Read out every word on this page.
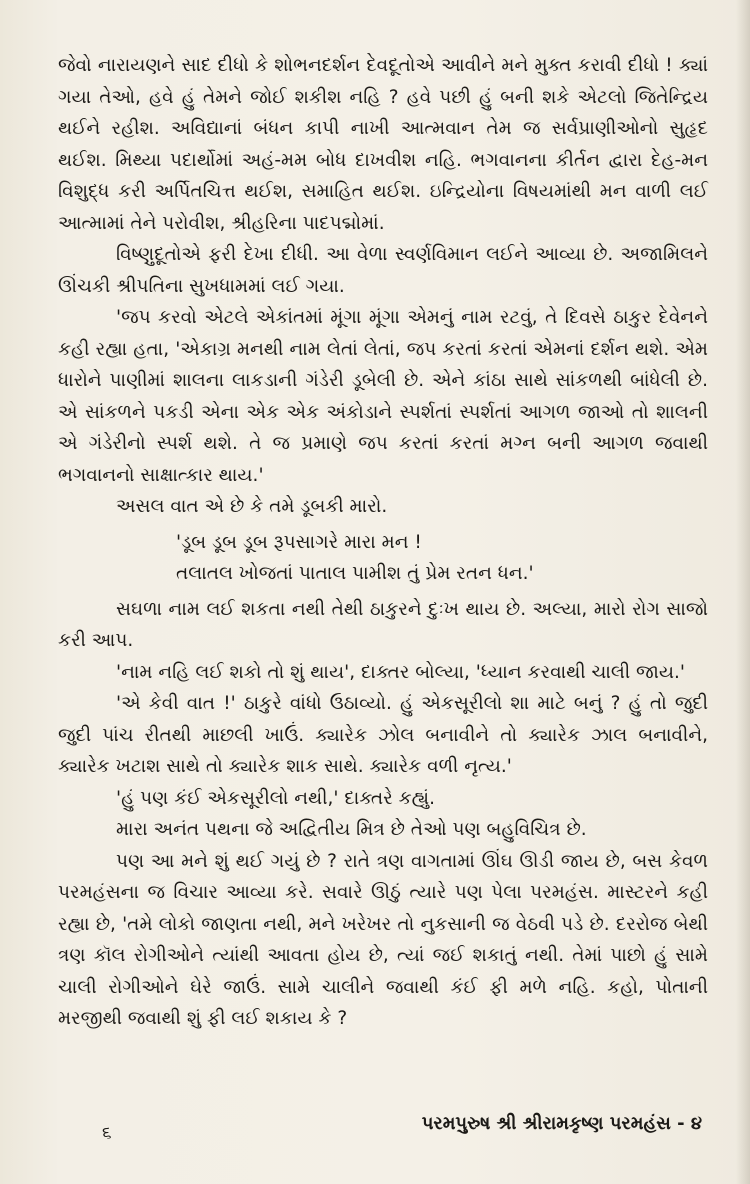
જેવો નારાયણને સાદ દીધો કે શોભનદર્શન દેવદૂતોએ આવીને મને મુક્ત કરાવી દીધો ! ક્યાં ગયા તેઓ, હવે હું તેમને જોઈ શકીશ નહિ ? હવે પછી હું બની શકે એટલો જિતેન્દ્રિય થઈને રહીશ. અવિદ્યાનાં બંધન કાપી નાખી આત્મવાન તેમ જ સર્વપ્રાણીઓનો સુહૃદ થઈશ. મિથ્યા પદાર્થોમાં અહં-મમ બોધ દાખવીશ નહિ. ભગવાનના કીર્તન દ્વારા દેહ-મન વિશુદ્ધ કરી અર્પિતચિત્ત થઈશ, સમાહિત થઈશ. ઇન્દ્રિયોના વિષયમાંથી મન વાળી લઈ આત્મામાં તેને પરોવીશ, શ્રીહરિના પાદપદ્મોમાં.

વિષ્ણુદૂતોએ ફરી દેખા દીધી. આ વેળા સ્વર્ણવિમાન લઈને આવ્યા છે. અજામિલને ઊંચકી શ્રીપતિના સુખધામમાં લઈ ગયા.

'જપ કરવો એટલે એકાંતમાં મૂંગા મૂંગા એમનું નામ રટવું, તે દિવસે ઠાકુર દેવેનને કહી રહ્યા હતા, 'એકાગ્ર મનથી નામ લેતાં લેતાં, જપ કરતાં કરતાં એમનાં દર્શન થશે. એમ ધારોને પાણીમાં શાલના લાકડાની ગંડેરી ડૂબેલી છે. એને કાંઠા સાથે સાંકળથી બાંધેલી છે. એ સાંકળને પકડી એના એક એક અંકોડાને સ્પર્શતાં સ્પર્શતાં આગળ જાઓ તો શાલની એ ગંડેરીનો સ્પર્શ થશે. તે જ પ્રમાણે જપ કરતાં કરતાં મગ્ન બની આગળ જવાથી ભગવાનનો સાક્ષાત્કાર થાય.'

અસલ વાત એ છે કે તમે ડૂબકી મારો.

'ડૂબ ડૂબ ડૂબ રૂપસાગરે મારા મન !
તલાતલ ખોજતાં પાતાલ પામીશ તું પ્રેમ રતન ધન.'

સઘળા નામ લઈ શકતા નથી તેથી ઠાકુરને દુઃખ થાય છે. અલ્યા, મારો રોગ સાજો કરી આપ.

'નામ નહિ લઈ શકો તો શું થાય', દાક્તર બોલ્યા, 'ધ્યાન કરવાથી ચાલી જાય.'

'એ કેવી વાત !' ઠાકુરે વાંધો ઉઠાવ્યો. હું એકસૂરીલો શા માટે બનું ? હું તો જુદી જુદી પાંચ રીતથી માછલી ખાઉં. ક્યારેક ઝોલ બનાવીને તો ક્યારેક ઝાલ બનાવીને, ક્યારેક ખટાશ સાથે તો ક્યારેક શાક સાથે. ક્યારેક વળી નૃત્ય.'

'હું પણ કંઈ એકસૂરીલો નથી,' દાક્તરે કહ્યું.

મારા અનંત પથના જે અદ્વિતીય મિત્ર છે તેઓ પણ બહુવિચિત્ર છે.

પણ આ મને શું થઈ ગયું છે ? રાતે ત્રણ વાગતામાં ઊંઘ ઊડી જાય છે, બસ કેવળ પરમહંસના જ વિચાર આવ્યા કરે. સવારે ઊઠું ત્યારે પણ પેલા પરમહંસ. માસ્ટરને કહી રહ્યા છે, 'તમે લોકો જાણતા નથી, મને ખરેખર તો નુકસાની જ વેઠવી પડે છે. દરરોજ બેથી ત્રણ કૉલ રોગીઓને ત્યાંથી આવતા હોય છે, ત્યાં જઈ શકાતું નથી. તેમાં પાછો હું સામે ચાલી રોગીઓને ઘેરે જાઉં. સામે ચાલીને જવાથી કંઈ ફી મળે નહિ. કહો, પોતાની મરજીથી જવાથી શું ફી લઈ શકાય કે ?

૬	પરમપુરુષ શ્રી શ્રીરામકૃષ્ણ પરમહંસ - ૪
